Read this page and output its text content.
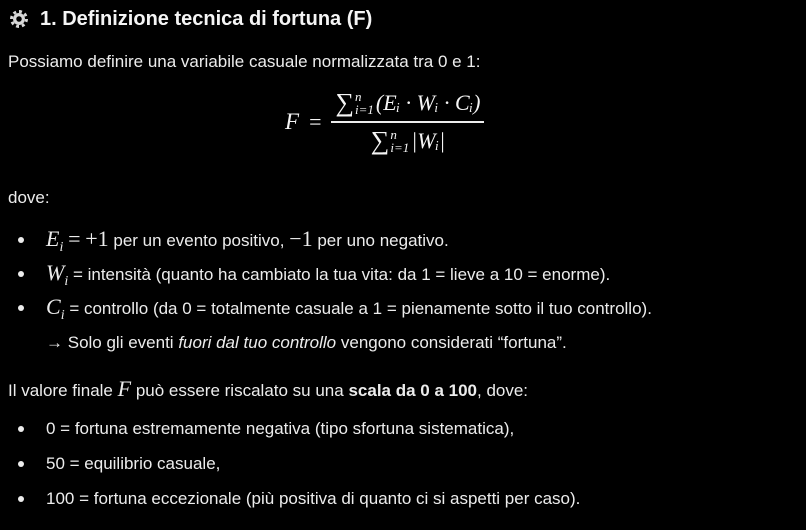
1. Definizione tecnica di fortuna (F)
Possiamo definire una variabile casuale normalizzata tra 0 e 1:
F =
∑ n
i=1 (Eᵢ · Wᵢ · Cᵢ)
∑ n
i=1 |Wᵢ|
dove:
$E_i = +1$ per un evento positivo, −1 per uno negativo.
$W_i$ = intensità (quanto ha cambiato la tua vita: da 1 = lieve a 10 = enorme).
$C_i$ = controllo (da 0 = totalmente casuale a 1 = pienamente sotto il tuo controllo).
→ Solo gli eventi fuori dal tuo controllo vengono considerati “fortuna”.
Il valore finale F può essere riscalato su una scala da 0 a 100, dove:
0 = fortuna estremamente negativa (tipo sfortuna sistematica),
50 = equilibrio casuale,
100 = fortuna eccezionale (più positiva di quanto ci si aspetti per caso).
